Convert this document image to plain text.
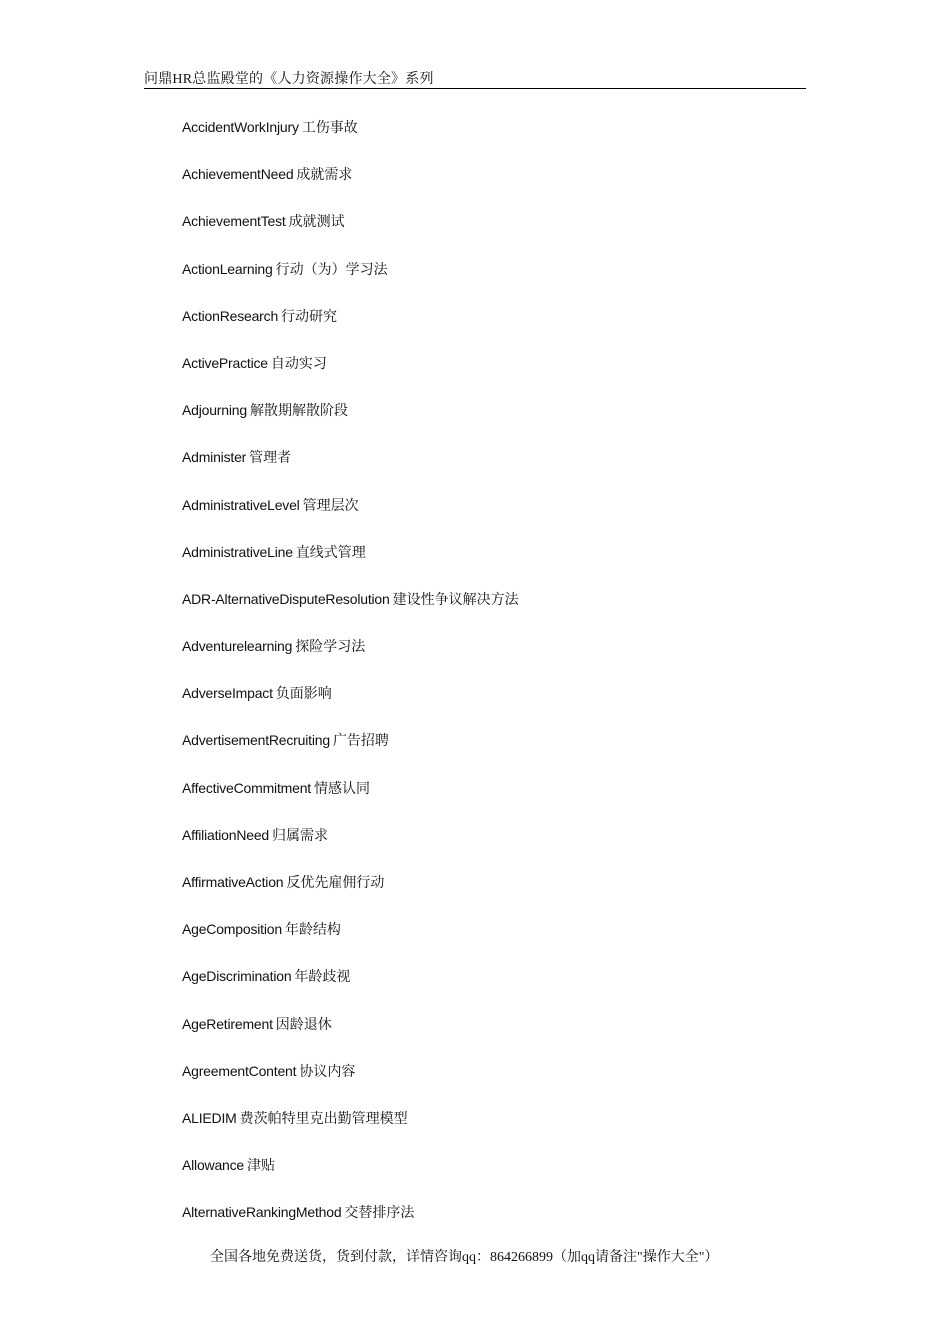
问鼎HR总监殿堂的《人力资源操作大全》系列
AccidentWorkInjury 工伤事故
AchievementNeed 成就需求
AchievementTest 成就测试
ActionLearning 行动（为）学习法
ActionResearch 行动研究
ActivePractice 自动实习
Adjourning 解散期解散阶段
Administer 管理者
AdministrativeLevel 管理层次
AdministrativeLine 直线式管理
ADR-AlternativeDisputeResolution 建设性争议解决方法
Adventurelearning 探险学习法
AdverseImpact 负面影响
AdvertisementRecruiting 广告招聘
AffectiveCommitment 情感认同
AffiliationNeed 归属需求
AffirmativeAction 反优先雇佣行动
AgeComposition 年龄结构
AgeDiscrimination 年龄歧视
AgeRetirement 因龄退休
AgreementContent 协议内容
ALIEDIM 费茨帕特里克出勤管理模型
Allowance 津贴
AlternativeRankingMethod 交替排序法
全国各地免费送货，货到付款，详情咨询qq：864266899（加qq请备注"操作大全"）
